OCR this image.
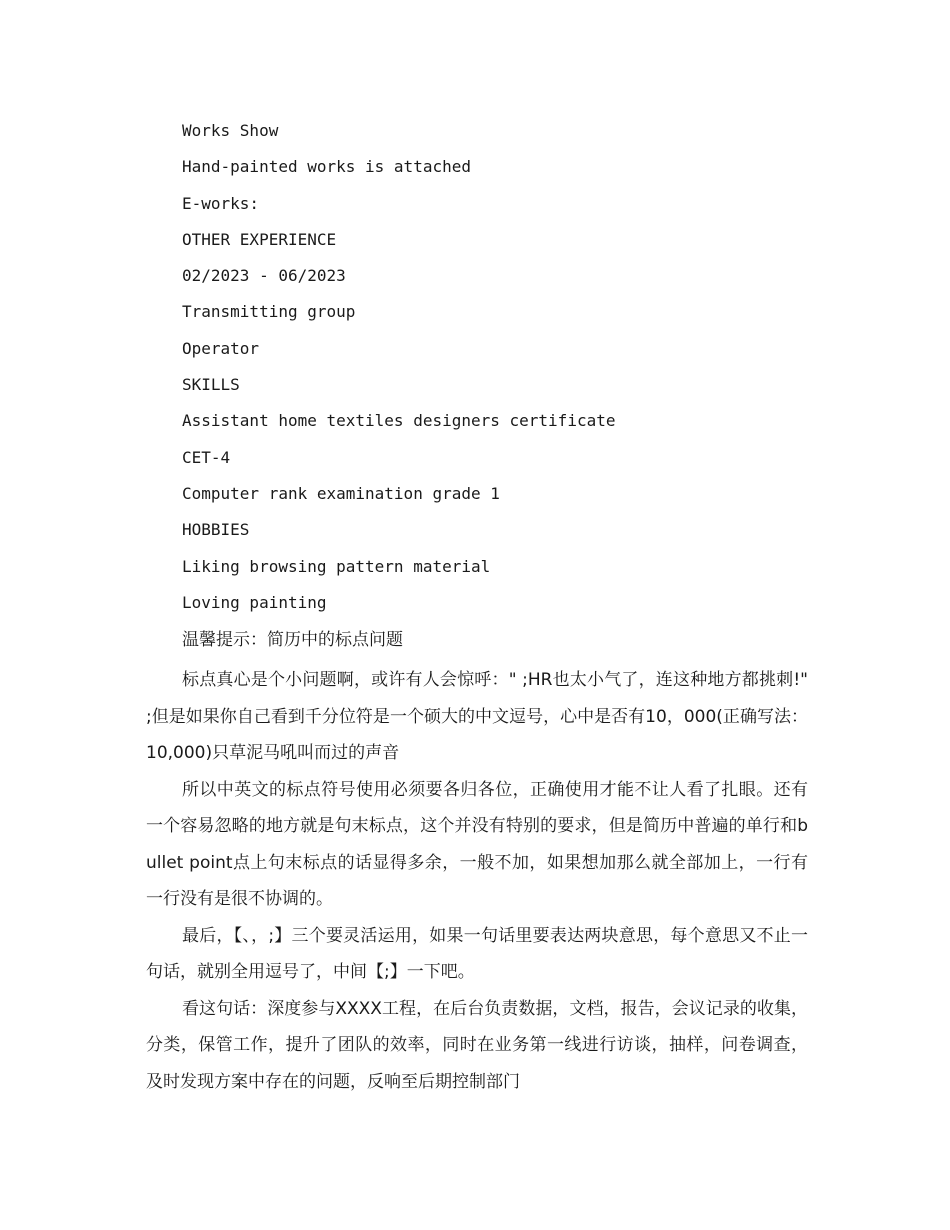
Works Show
Hand-painted works is attached
E-works:
OTHER EXPERIENCE
02/2023 - 06/2023
Transmitting group
Operator
SKILLS
Assistant home textiles designers certificate
CET-4
Computer rank examination grade 1
HOBBIES
Liking browsing pattern material
Loving painting
温馨提示：简历中的标点问题

标点真心是个小问题啊，或许有人会惊呼：" ;HR也太小气了，连这种地方都挑刺!" ;但是如果你自己看到千分位符是一个硕大的中文逗号，心中是否有10，000(正确写法：10,000)只草泥马吼叫而过的声音

所以中英文的标点符号使用必须要各归各位，正确使用才能不让人看了扎眼。还有一个容易忽略的地方就是句末标点，这个并没有特别的要求，但是简历中普遍的单行和bullet point点上句末标点的话显得多余，一般不加，如果想加那么就全部加上，一行有一行没有是很不协调的。

最后，【、，;】三个要灵活运用，如果一句话里要表达两块意思，每个意思又不止一句话，就别全用逗号了，中间【;】一下吧。

看这句话：深度参与XXXX工程，在后台负责数据，文档，报告，会议记录的收集，分类，保管工作，提升了团队的效率，同时在业务第一线进行访谈，抽样，问卷调查，及时发现方案中存在的问题，反响至后期控制部门
